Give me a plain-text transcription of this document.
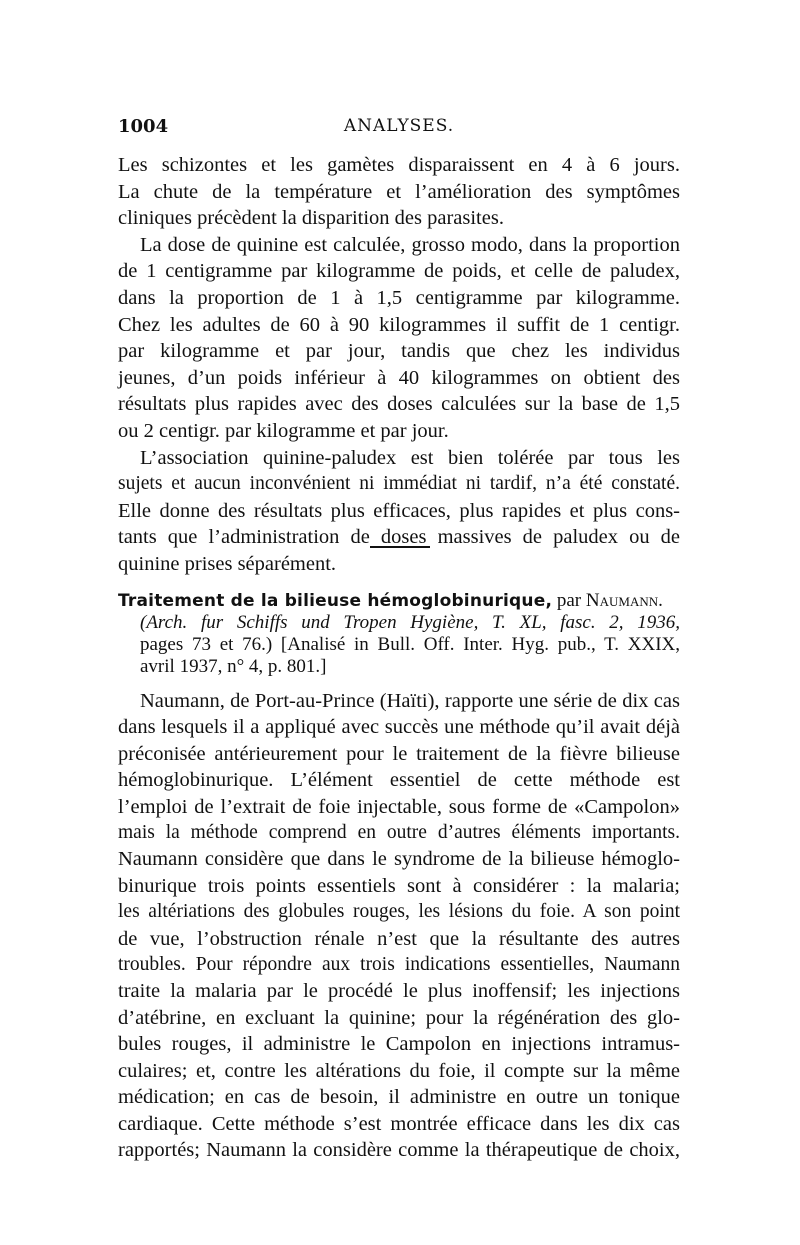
1004	ANALYSES.
Les schizontes et les gamètes disparaissent en 4 à 6 jours.
La chute de la température et l’amélioration des symptômes
cliniques précèdent la disparition des parasites.
La dose de quinine est calculée, grosso modo, dans la proportion
de 1 centigramme par kilogramme de poids, et celle de paludex,
dans la proportion de 1 à 1,5 centigramme par kilogramme.
Chez les adultes de 60 à 90 kilogrammes il suffit de 1 centigr.
par kilogramme et par jour, tandis que chez les individus
jeunes, d’un poids inférieur à 40 kilogrammes on obtient des
résultats plus rapides avec des doses calculées sur la base de 1,5
ou 2 centigr. par kilogramme et par jour.
L’association quinine-paludex est bien tolérée par tous les
sujets et aucun inconvénient ni immédiat ni tardif, n’a été constaté.
Elle donne des résultats plus efficaces, plus rapides et plus cons-
tants que l’administration de doses massives de paludex ou de
quinine prises séparément.
Traitement de la bilieuse hémoglobinurique, par Naumann.
(Arch. fur Schiffs und Tropen Hygiène, T. XL, fasc. 2, 1936,
pages 73 et 76.) [Analisé in Bull. Off. Inter. Hyg. pub., T. XXIX,
avril 1937, n° 4, p. 801.]
Naumann, de Port-au-Prince (Haïti), rapporte une série de dix cas
dans lesquels il a appliqué avec succès une méthode qu’il avait déjà
préconisée antérieurement pour le traitement de la fièvre bilieuse
hémoglobinurique. L’élément essentiel de cette méthode est
l’emploi de l’extrait de foie injectable, sous forme de «Campolon»
mais la méthode comprend en outre d’autres éléments importants.
Naumann considère que dans le syndrome de la bilieuse hémoglo-
binurique trois points essentiels sont à considérer : la malaria;
les altériations des globules rouges, les lésions du foie. A son point
de vue, l’obstruction rénale n’est que la résultante des autres
troubles. Pour répondre aux trois indications essentielles, Naumann
traite la malaria par le procédé le plus inoffensif; les injections
d’atébrine, en excluant la quinine; pour la régénération des glo-
bules rouges, il administre le Campolon en injections intramus-
culaires; et, contre les altérations du foie, il compte sur la même
médication; en cas de besoin, il administre en outre un tonique
cardiaque. Cette méthode s’est montrée efficace dans les dix cas
rapportés; Naumann la considère comme la thérapeutique de choix,
